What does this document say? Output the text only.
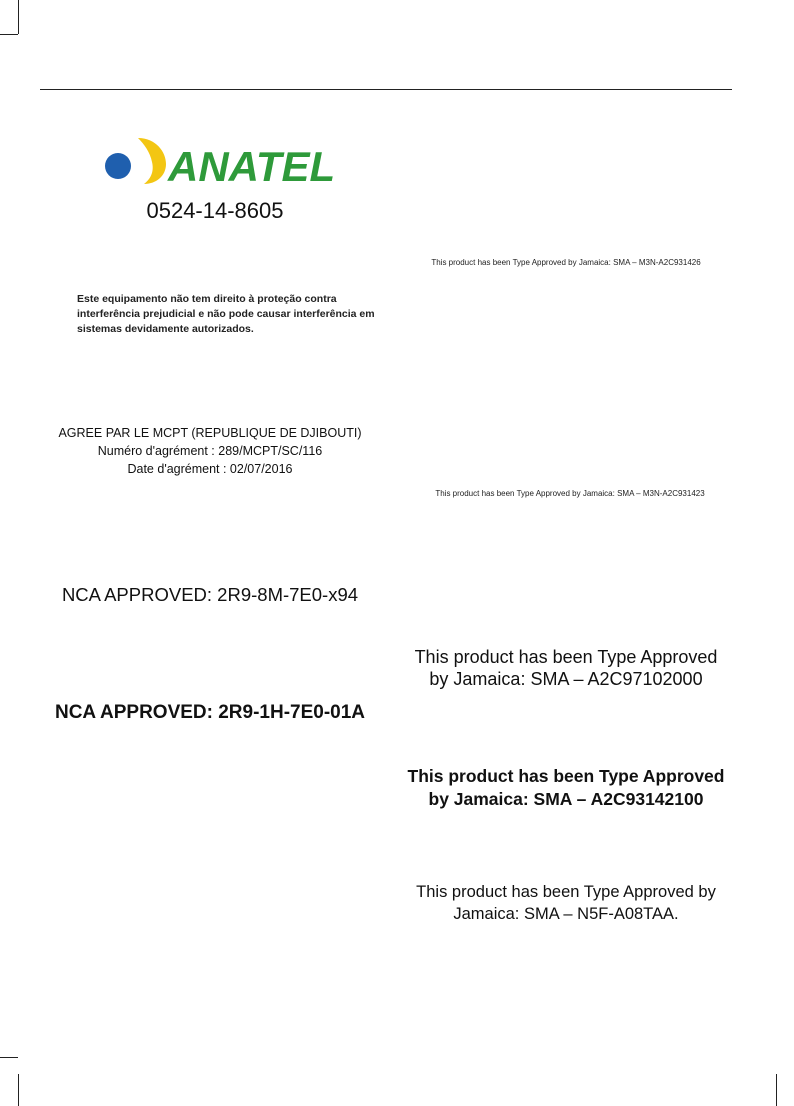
ANATEL
0524-14-8605
Este equipamento não tem direito à proteção contra interferência prejudicial e não pode causar interferência em sistemas devidamente autorizados.
AGREE PAR LE MCPT (REPUBLIQUE DE DJIBOUTI)
Numéro d'agrément : 289/MCPT/SC/116
Date d'agrément : 02/07/2016
NCA APPROVED: 2R9-8M-7E0-x94
NCA APPROVED: 2R9-1H-7E0-01A
This product has been Type Approved by Jamaica: SMA – M3N-A2C931426
This product has been Type Approved by Jamaica: SMA – M3N-A2C931423
This product has been Type Approved
by Jamaica: SMA – A2C97102000
This product has been Type Approved
by Jamaica: SMA – A2C93142100
This product has been Type Approved by
Jamaica: SMA – N5F-A08TAA.
